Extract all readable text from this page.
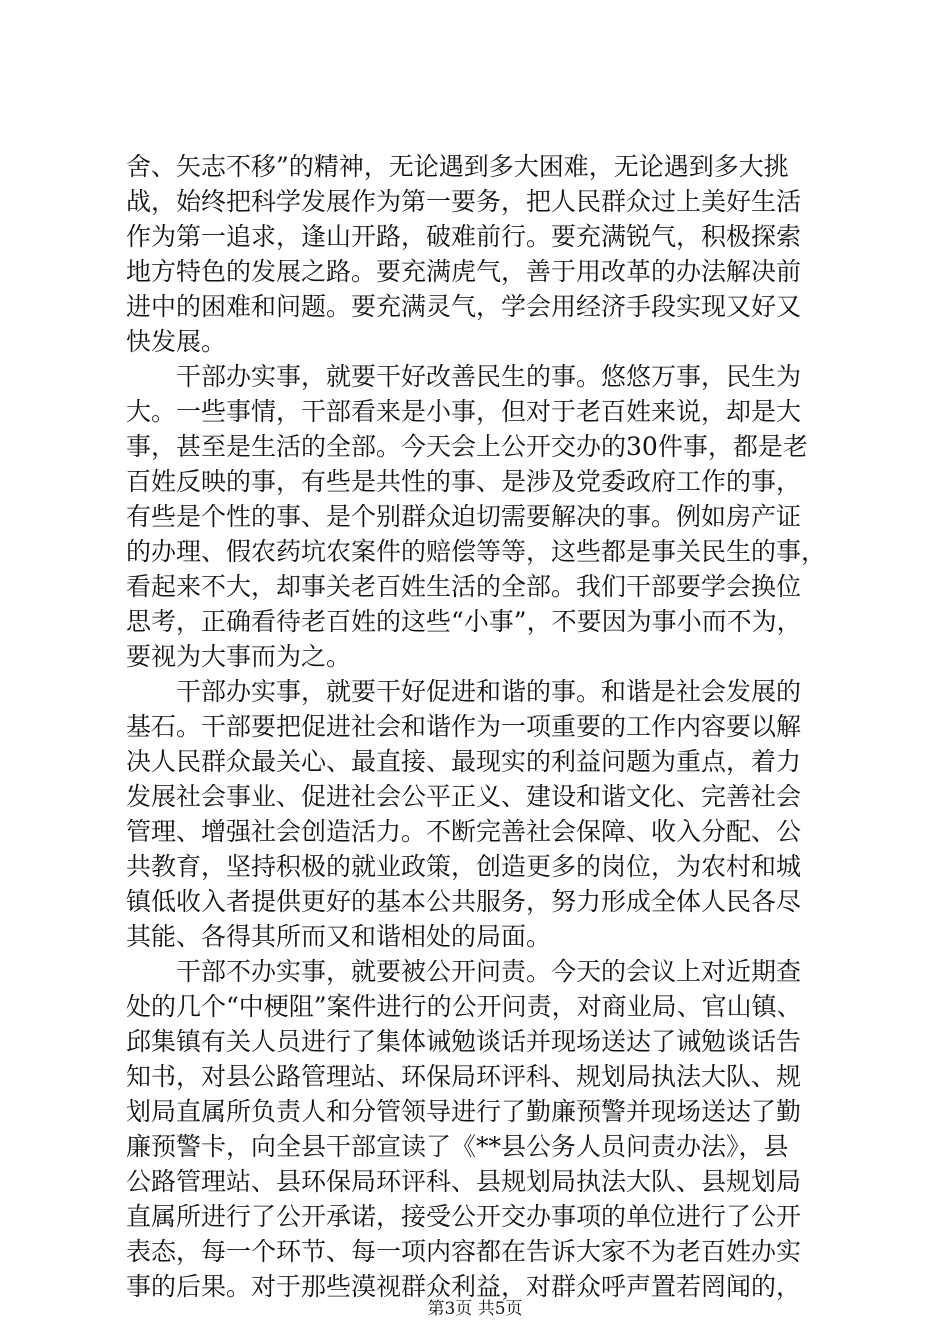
舍、矢志不移”的精神，无论遇到多大困难，无论遇到多大挑
战，始终把科学发展作为第一要务，把人民群众过上美好生活
作为第一追求，逢山开路，破难前行。要充满锐气，积极探索
地方特色的发展之路。要充满虎气，善于用改革的办法解决前
进中的困难和问题。要充满灵气，学会用经济手段实现又好又
快发展。
　　干部办实事，就要干好改善民生的事。悠悠万事，民生为
大。一些事情，干部看来是小事，但对于老百姓来说，却是大
事，甚至是生活的全部。今天会上公开交办的30件事，都是老
百姓反映的事，有些是共性的事、是涉及党委政府工作的事，
有些是个性的事、是个别群众迫切需要解决的事。例如房产证
的办理、假农药坑农案件的赔偿等等，这些都是事关民生的事，
看起来不大，却事关老百姓生活的全部。我们干部要学会换位
思考，正确看待老百姓的这些“小事”，不要因为事小而不为，
要视为大事而为之。
　　干部办实事，就要干好促进和谐的事。和谐是社会发展的
基石。干部要把促进社会和谐作为一项重要的工作内容要以解
决人民群众最关心、最直接、最现实的利益问题为重点，着力
发展社会事业、促进社会公平正义、建设和谐文化、完善社会
管理、增强社会创造活力。不断完善社会保障、收入分配、公
共教育，坚持积极的就业政策，创造更多的岗位，为农村和城
镇低收入者提供更好的基本公共服务，努力形成全体人民各尽
其能、各得其所而又和谐相处的局面。
　　干部不办实事，就要被公开问责。今天的会议上对近期查
处的几个“中梗阻”案件进行的公开问责，对商业局、官山镇、
邱集镇有关人员进行了集体诫勉谈话并现场送达了诫勉谈话告
知书，对县公路管理站、环保局环评科、规划局执法大队、规
划局直属所负责人和分管领导进行了勤廉预警并现场送达了勤
廉预警卡，向全县干部宣读了《**县公务人员问责办法》，县
公路管理站、县环保局环评科、县规划局执法大队、县规划局
直属所进行了公开承诺，接受公开交办事项的单位进行了公开
表态，每一个环节、每一项内容都在告诉大家不为老百姓办实
事的后果。对于那些漠视群众利益，对群众呼声置若罔闻的，
第3页 共5页
